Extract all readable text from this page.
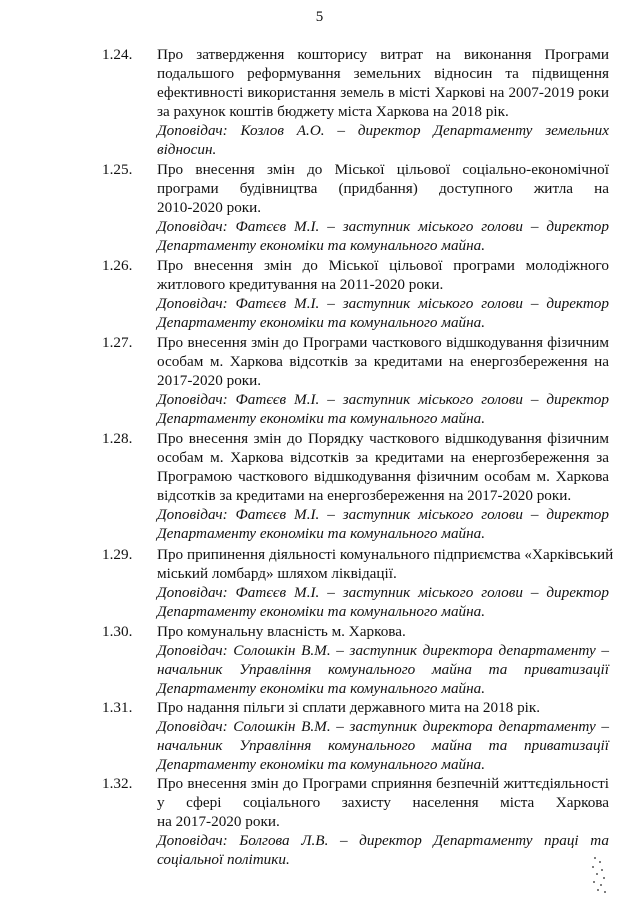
5
1.24. Про затвердження кошторису витрат на виконання Програми
подальшого реформування земельних відносин та підвищення
ефективності використання земель в місті Харкові на 2007-2019 роки
за рахунок коштів бюджету міста Харкова на 2018 рік.
Доповідач: Козлов А.О. – директор Департаменту земельних
відносин.
1.25. Про внесення змін до Міської цільової соціально-економічної
програми будівництва (придбання) доступного житла на
2010-2020 роки.
Доповідач: Фатєєв М.І. – заступник міського голови – директор
Департаменту економіки та комунального майна.
1.26. Про внесення змін до Міської цільової програми молодіжного
житлового кредитування на 2011-2020 роки.
Доповідач: Фатєєв М.І. – заступник міського голови – директор
Департаменту економіки та комунального майна.
1.27. Про внесення змін до Програми часткового відшкодування фізичним
особам м. Харкова відсотків за кредитами на енергозбереження на
2017-2020 роки.
Доповідач: Фатєєв М.І. – заступник міського голови – директор
Департаменту економіки та комунального майна.
1.28. Про внесення змін до Порядку часткового відшкодування фізичним
особам м. Харкова відсотків за кредитами на енергозбереження за
Програмою часткового відшкодування фізичним особам м. Харкова
відсотків за кредитами на енергозбереження на 2017-2020 роки.
Доповідач: Фатєєв М.І. – заступник міського голови – директор
Департаменту економіки та комунального майна.
1.29. Про припинення діяльності комунального підприємства «Харківський
міський ломбард» шляхом ліквідації.
Доповідач: Фатєєв М.І. – заступник міського голови – директор
Департаменту економіки та комунального майна.
1.30. Про комунальну власність м. Харкова.
Доповідач: Солошкін В.М. – заступник директора департаменту –
начальник Управління комунального майна та приватизації
Департаменту економіки та комунального майна.
1.31. Про надання пільги зі сплати державного мита на 2018 рік.
Доповідач: Солошкін В.М. – заступник директора департаменту –
начальник Управління комунального майна та приватизації
Департаменту економіки та комунального майна.
1.32. Про внесення змін до Програми сприяння безпечній життєдіяльності
у сфері соціального захисту населення міста Харкова
на 2017-2020 роки.
Доповідач: Болгова Л.В. – директор Департаменту праці та
соціальної політики.
